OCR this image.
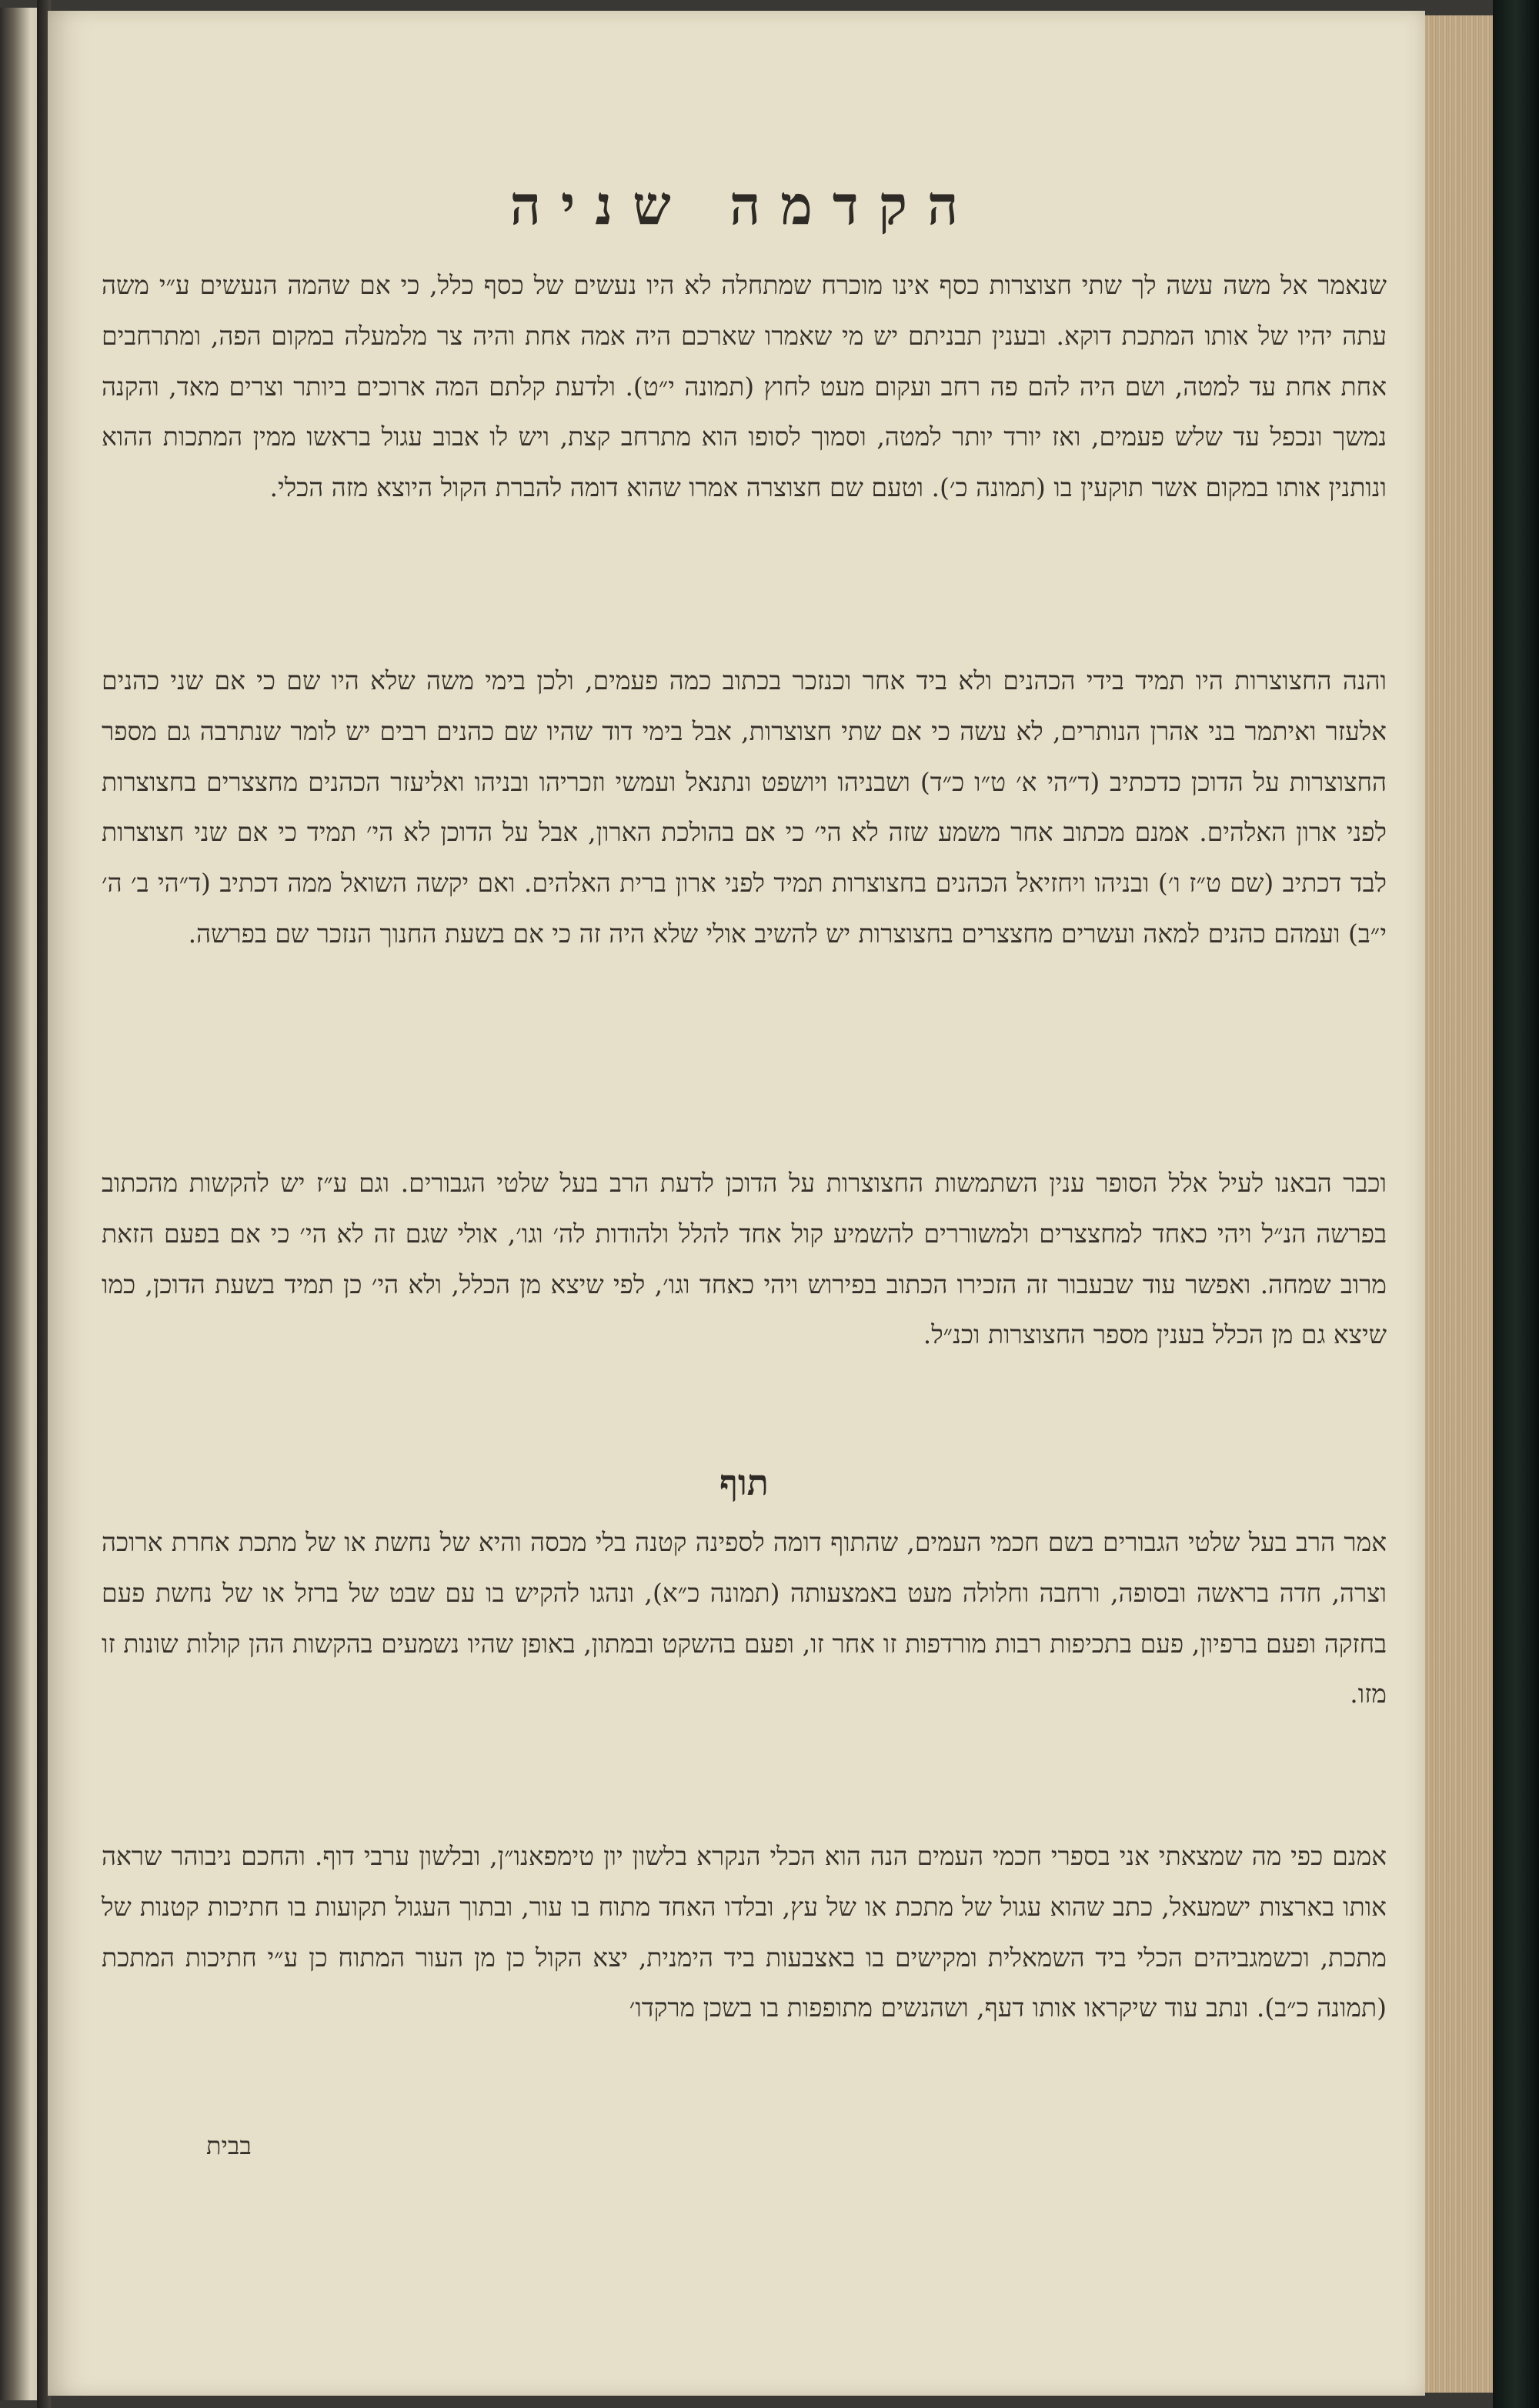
הקדמה שניה

שנאמר אל משה עשה לך שתי חצוצרות כסף אינו מוכרח שמתחלה לא היו נעשים של כסף כלל, כי אם שהמה הנעשים ע״י משה עתה יהיו של אותו המתכת דוקא. ובענין תבניתם יש מי שאמרו שארכם היה אמה אחת והיה צר מלמעלה במקום הפה, ומתרחבים אחת אחת עד למטה, ושם היה להם פה רחב ועקום מעט לחוץ (תמונה י״ט). ולדעת קלתם המה ארוכים ביותר וצרים מאד, והקנה נמשך ונכפל עד שלש פעמים, ואז יורד יותר למטה, וסמוך לסופו הוא מתרחב קצת, ויש לו אבוב עגול בראשו ממין המתכות ההוא ונותנין אותו במקום אשר תוקעין בו (תמונה כ׳). וטעם שם חצוצרה אמרו שהוא דומה להברת הקול היוצא מזה הכלי.

והנה החצוצרות היו תמיד בידי הכהנים ולא ביד אחר וכנזכר בכתוב כמה פעמים, ולכן בימי משה שלא היו שם כי אם שני כהנים אלעזר ואיתמר בני אהרן הנותרים, לא עשה כי אם שתי חצוצרות, אבל בימי דוד שהיו שם כהנים רבים יש לומר שנתרבה גם מספר החצוצרות על הדוכן כדכתיב (ד״הי א׳ ט״ו כ״ד) ושבניהו ויושפט ונתנאל ועמשי וזכריהו ובניהו ואליעזר הכהנים מחצצרים בחצוצרות לפני ארון האלהים. אמנם מכתוב אחר משמע שזה לא הי׳ כי אם בהולכת הארון, אבל על הדוכן לא הי׳ תמיד כי אם שני חצוצרות לבד דכתיב (שם ט״ז ו׳) ובניהו ויחזיאל הכהנים בחצוצרות תמיד לפני ארון ברית האלהים. ואם יקשה השואל ממה דכתיב (ד״הי ב׳ ה׳ י״ב) ועמהם כהנים למאה ועשרים מחצצרים בחצוצרות יש להשיב אולי שלא היה זה כי אם בשעת החנוך הנזכר שם בפרשה.

וכבר הבאנו לעיל אלל הסופר ענין השתמשות החצוצרות על הדוכן לדעת הרב בעל שלטי הגבורים. וגם ע״ז יש להקשות מהכתוב בפרשה הנ״ל ויהי כאחד למחצצרים ולמשוררים להשמיע קול אחד להלל ולהודות לה׳ וגו׳, אולי שגם זה לא הי׳ כי אם בפעם הזאת מרוב שמחה. ואפשר עוד שבעבור זה הזכירו הכתוב בפירוש ויהי כאחד וגו׳, לפי שיצא מן הכלל, ולא הי׳ כן תמיד בשעת הדוכן, כמו שיצא גם מן הכלל בענין מספר החצוצרות וכנ״ל.

תוף

אמר הרב בעל שלטי הגבורים בשם חכמי העמים, שהתוף דומה לספינה קטנה בלי מכסה והיא של נחשת או של מתכת אחרת ארוכה וצרה, חדה בראשה ובסופה, ורחבה וחלולה מעט באמצעותה (תמונה כ״א), ונהגו להקיש בו עם שבט של ברזל או של נחשת פעם בחזקה ופעם ברפיון, פעם בתכיפות רבות מורדפות זו אחר זו, ופעם בהשקט ובמתון, באופן שהיו נשמעים בהקשות ההן קולות שונות זו מזו.

אמנם כפי מה שמצאתי אני בספרי חכמי העמים הנה הוא הכלי הנקרא בלשון יון טימפאנו״ן, ובלשון ערבי דוף. והחכם ניבוהר שראה אותו בארצות ישמעאל, כתב שהוא עגול של מתכת או של עץ, ובלדו האחד מתוח בו עור, ובתוך העגול תקועות בו חתיכות קטנות של מתכת, וכשמגביהים הכלי ביד השמאלית ומקישים בו באצבעות ביד הימנית, יצא הקול כן מן העור המתוח כן ע״י חתיכות המתכת (תמונה כ״ב). ונתב עוד שיקראו אותו דעף, ושהנשים מתופפות בו בשכן מרקדו׳

בבית
